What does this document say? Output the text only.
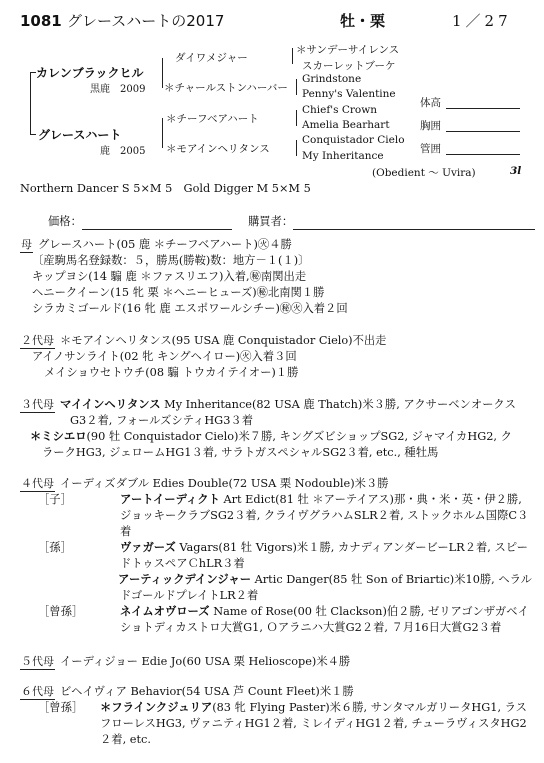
1081 グレースハートの2017	牡・栗	1／27
カレンブラックヒル
黒鹿　2009
グレースハート
鹿　2005
ダイワメジャー
＊チャールストンハーバー
＊チーフベアハート
＊モアインヘリタンス
＊サンデーサイレンス
スカーレットブーケ
Grindstone
Penny's Valentine
Chief's Crown
Amelia Bearhart
Conquistador Cielo
My Inheritance
(Obedient ～ Uvira)	3l
体高
胸囲
管囲
Northern Dancer S 5×M 5　Gold Digger M 5×M 5
価格：	購買者：
母 グレースハート(05 鹿 ＊チーフベアハート)㊋４勝
〔産駒馬名登録数：５，勝馬(勝鞍)数：地方－１(１)〕
キップヨシ(14 騸 鹿 ＊ファスリエフ)入着,㊙南関出走
ヘニークイーン(15 牝 栗 ＊ヘニーヒューズ)㊙北南関１勝
シラカミゴールド(16 牝 鹿 エスポワールシチー)㊙㊋入着２回
２代母 ＊モアインヘリタンス(95 USA 鹿 Conquistador Cielo)不出走
アイノサンライト(02 牝 キングヘイロー)㊋入着３回
メイショウセトウチ(08 騸 トウカイテイオー)１勝
３代母 マイインヘリタンス My Inheritance(82 USA 鹿 Thatch)米３勝, アクサーベンオークスG3２着, フォールズシティHG3３着
＊ミシエロ(90 牡 Conquistador Cielo)米７勝, キングズビショップSG2, ジャマイカHG2, クラークHG3, ジェロームHG1３着, サラトガスペシャルSG2３着, etc., 種牡馬
４代母 イーディズダブル Edies Double(72 USA 栗 Nodouble)米３勝
［子］	アートイーディクト Art Edict(81 牡 ＊アーテイアス)那・典・米・英・伊２勝, ジョッキークラブSG2３着, クライヴグラハムSLR２着, ストックホルム国際C３着
［孫］	ヴァガーズ Vagars(81 牡 Vigors)米１勝, カナディアンダービーLR２着, スピードトゥスペアＣhLR３着
アーティックデインジャー Artic Danger(85 牡 Son of Briartic)米10勝, ヘラルドゴールドプレイトLR２着
［曾孫］	ネイムオヴローズ Name of Rose(00 牡 Clackson)伯２勝, ゼリアゴンザガベイショトディカストロ大賞G1, Ｏアラニハ大賞G2２着, ７月16日大賞G2３着
５代母 イーディジョー Edie Jo(60 USA 栗 Helioscope)米４勝
６代母 ビヘイヴィア Behavior(54 USA 芦 Count Fleet)米１勝
［曾孫］ ＊フラインクジュリア(83 牝 Flying Paster)米６勝, サンタマルガリータHG1, ラスフローレスHG3, ヴァニティHG1２着, ミレイディHG1２着, チューラヴィスタHG2２着, etc.
